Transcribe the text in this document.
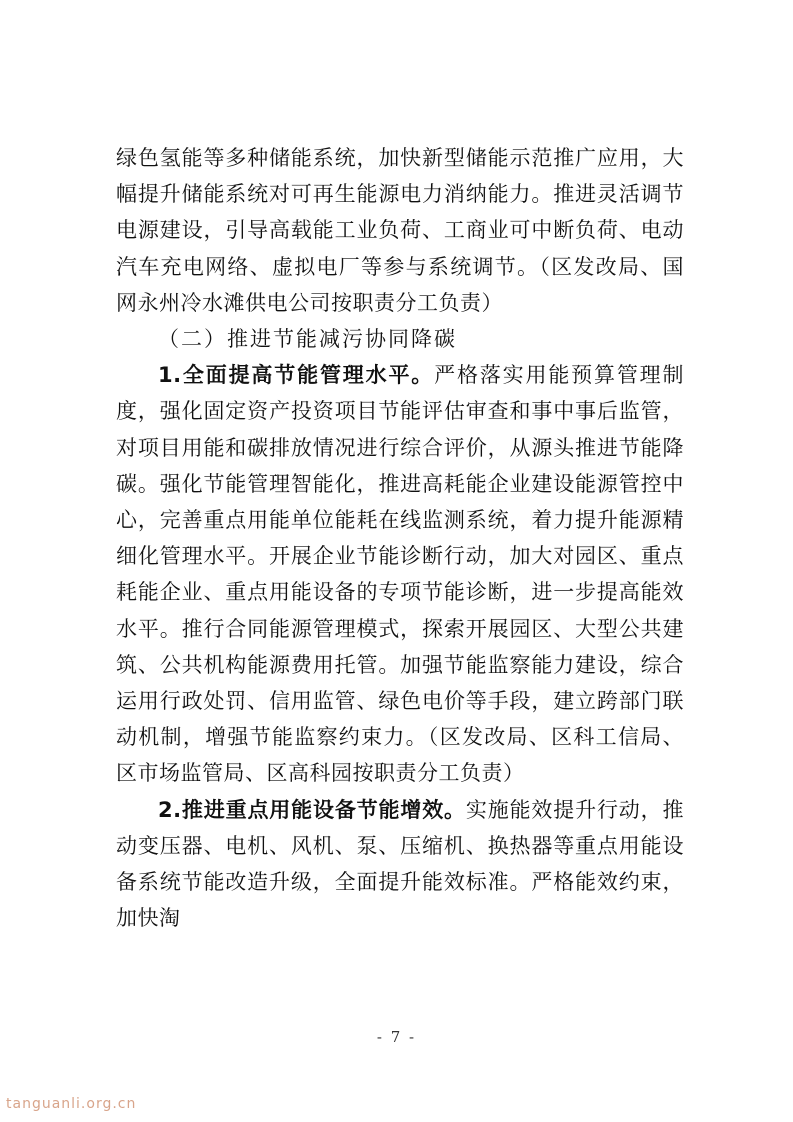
绿色氢能等多种储能系统，加快新型储能示范推广应用，大幅提升储能系统对可再生能源电力消纳能力。推进灵活调节电源建设，引导高载能工业负荷、工商业可中断负荷、电动汽车充电网络、虚拟电厂等参与系统调节。（区发改局、国网永州冷水滩供电公司按职责分工负责）

（二）推进节能减污协同降碳

1.全面提高节能管理水平。严格落实用能预算管理制度，强化固定资产投资项目节能评估审查和事中事后监管，对项目用能和碳排放情况进行综合评价，从源头推进节能降碳。强化节能管理智能化，推进高耗能企业建设能源管控中心，完善重点用能单位能耗在线监测系统，着力提升能源精细化管理水平。开展企业节能诊断行动，加大对园区、重点耗能企业、重点用能设备的专项节能诊断，进一步提高能效水平。推行合同能源管理模式，探索开展园区、大型公共建筑、公共机构能源费用托管。加强节能监察能力建设，综合运用行政处罚、信用监管、绿色电价等手段，建立跨部门联动机制，增强节能监察约束力。（区发改局、区科工信局、区市场监管局、区高科园按职责分工负责）

2.推进重点用能设备节能增效。实施能效提升行动，推动变压器、电机、风机、泵、压缩机、换热器等重点用能设备系统节能改造升级，全面提升能效标准。严格能效约束，加快淘

- 7 -
tanguanli.org.cn
